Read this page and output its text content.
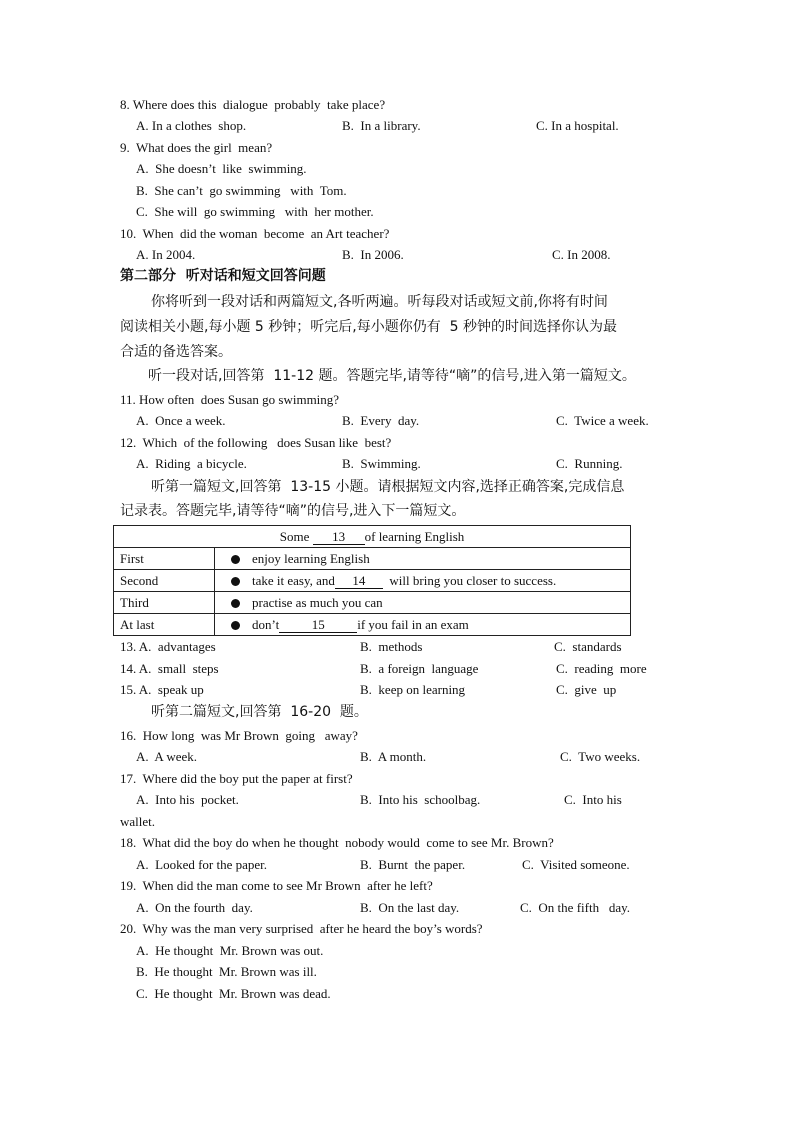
8. Where does this  dialogue  probably  take place?
A. In a clothes  shop.	B.  In a library.	C. In a hospital.
9.  What does the girl  mean?
A.  She doesn’t  like  swimming.
B.  She can’t  go swimming   with  Tom.
C.  She will  go swimming   with  her mother.
10.  When  did the woman  become  an Art teacher?
A. In 2004.	B.  In 2006.	C. In 2008.
第二部分  听对话和短文回答问题
你将听到一段对话和两篇短文,各听两遍。听每段对话或短文前,你将有时间
阅读相关小题,每小题 5 秒钟；听完后,每小题你仍有  5 秒钟的时间选择你认为最
合适的备选答案。
听一段对话,回答第  11-12 题。答题完毕,请等待“嘀”的信号,进入第一篇短文。
11. How often  does Susan go swimming?
A.  Once a week.	B.  Every  day.	C.  Twice a week.
12.  Which  of the following   does Susan like  best?
A.  Riding  a bicycle.	B.  Swimming.	C.  Running.
听第一篇短文,回答第  13-15 小题。请根据短文内容,选择正确答案,完成信息
记录表。答题完毕,请等待“嘀”的信号,进入下一篇短文。
Some 13 of learning English	
First	enjoy learning English
Second	take it easy, and 14 will bring you closer to success.
Third	practise as much you can
At last	don’t 15 if you fail in an exam
13. A.  advantages	B.  methods	C.  standards
14. A.  small  steps	B.  a foreign  language	C.  reading  more
15. A.  speak up	B.  keep on learning	C.  give  up
听第二篇短文,回答第  16-20  题。
16.  How long  was Mr Brown  going   away?
A.  A week.	B.  A month.	C.  Two weeks.
17.  Where did the boy put the paper at first?
A.  Into his  pocket.	B.  Into his  schoolbag.	C.  Into his
wallet.
18.  What did the boy do when he thought  nobody would  come to see Mr. Brown?
A.  Looked for the paper.	B.  Burnt  the paper.	C.  Visited someone.
19.  When did the man come to see Mr Brown  after he left?
A.  On the fourth  day.	B.  On the last day.	C.  On the fifth   day.
20.  Why was the man very surprised  after he heard the boy’s words?
A.  He thought  Mr. Brown was out.
B.  He thought  Mr. Brown was ill.
C.  He thought  Mr. Brown was dead.
